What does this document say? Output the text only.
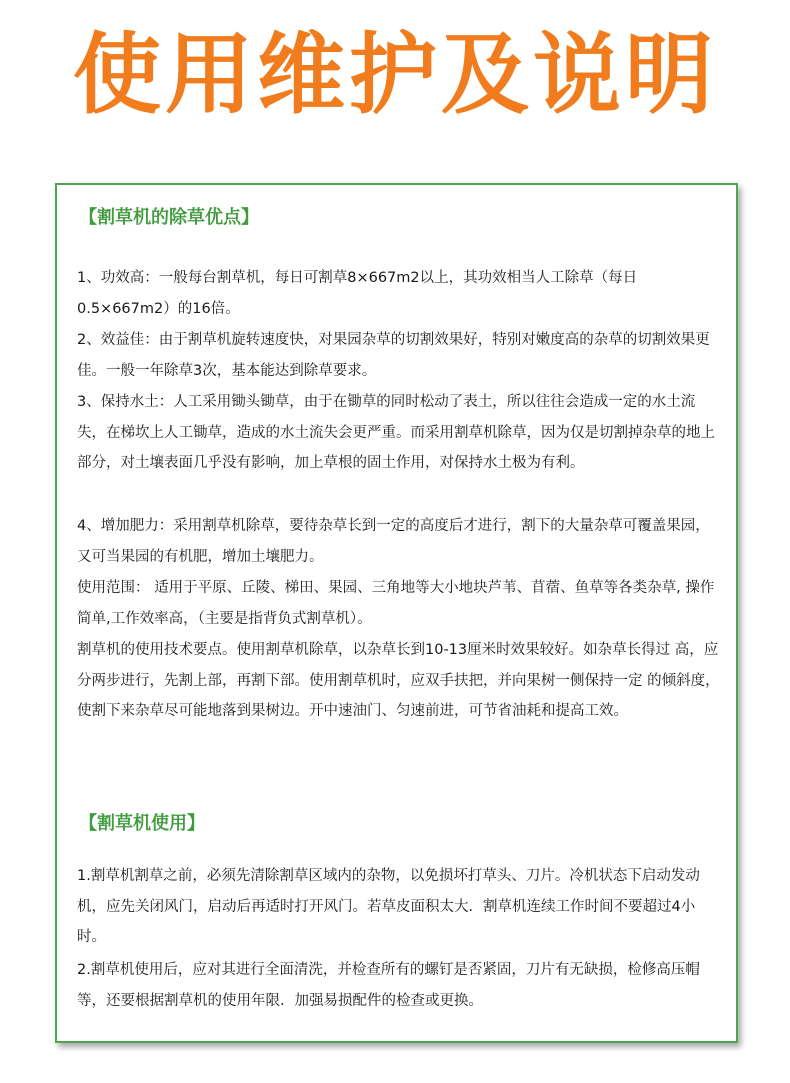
使用维护及说明
【割草机的除草优点】

1、功效高：一般每台割草机，每日可割草8×667m2以上，其功效相当人工除草（每日0.5×667m2）的16倍。

2、效益佳：由于割草机旋转速度快，对果园杂草的切割效果好，特别对嫩度高的杂草的切割效果更佳。一般一年除草3次，基本能达到除草要求。

3、保持水土：人工采用锄头锄草，由于在锄草的同时松动了表土，所以往往会造成一定的水土流失，在梯坎上人工锄草，造成的水土流失会更严重。而采用割草机除草，因为仅是切割掉杂草的地上部分，对土壤表面几乎没有影响，加上草根的固土作用，对保持水土极为有利。

4、增加肥力：采用割草机除草，要待杂草长到一定的高度后才进行，割下的大量杂草可覆盖果园，又可当果园的有机肥，增加土壤肥力。

使用范围： 适用于平原、丘陵、梯田、果园、三角地等大小地块芦苇、苜蓿、鱼草等各类杂草, 操作简单,工作效率高，（主要是指背负式割草机）。

割草机的使用技术要点。使用割草机除草，以杂草长到10-13厘米时效果较好。如杂草长得过 高，应分两步进行，先割上部，再割下部。使用割草机时，应双手扶把，并向果树一侧保持一定 的倾斜度，使割下来杂草尽可能地落到果树边。开中速油门、匀速前进，可节省油耗和提高工效。

【割草机使用】

1.割草机割草之前，必须先清除割草区域内的杂物，以免损坏打草头、刀片。冷机状态下启动发动机，应先关闭风门，启动后再适时打开风门。若草皮面积太大．割草机连续工作时间不要超过4小时。

2.割草机使用后，应对其进行全面清洗，并检查所有的螺钉是否紧固，刀片有无缺损，检修高压帽等，还要根据割草机的使用年限．加强易损配件的检查或更换。
